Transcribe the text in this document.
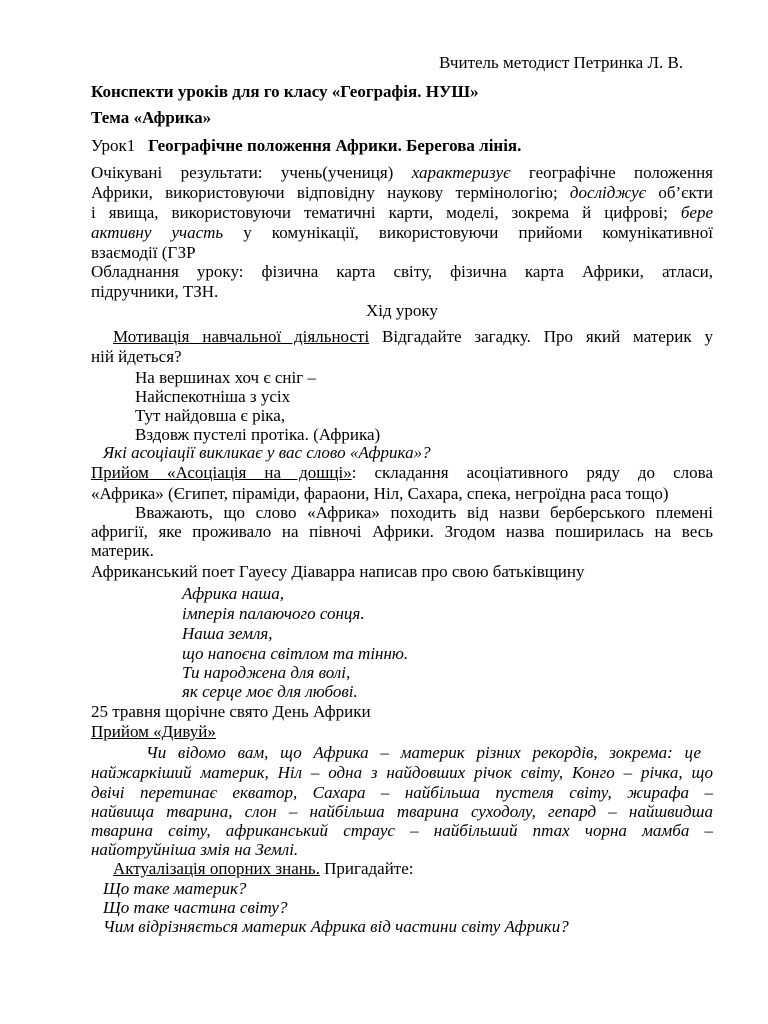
Вчитель методист Петринка Л. В.
Конспекти уроків для го класу «Географія. НУШ»
Тема «Африка»
Урок1 Географічне положення Африки. Берегова лінія.
Очікувані результати: учень(учениця) характеризує географічне положення
Африки, використовуючи відповідну наукову термінологію; досліджує об’єкти
і явища, використовуючи тематичні карти, моделі, зокрема й цифрові; бере
активну участь у комунікації, використовуючи прийоми комунікативної
взаємодії (ГЗР
Обладнання уроку: фізична карта світу, фізична карта Африки, атласи,
підручники, ТЗН.
Хід уроку
Мотивація навчальної діяльності Відгадайте загадку. Про який материк у
ній йдеться?
На вершинах хоч є сніг –
Найспекотніша з усіх
Тут найдовша є ріка,
Вздовж пустелі протіка. (Африка)
Які асоціації викликає у вас слово «Африка»?
Прийом «Асоціація на дошці»: складання асоціативного ряду до слова
«Африка» (Єгипет, піраміди, фараони, Ніл, Сахара, спека, негроїдна раса тощо)
Вважають, що слово «Африка» походить від назви берберського племені
афригії, яке проживало на півночі Африки. Згодом назва поширилась на весь
материк.
Африканський поет Гауесу Діаварра написав про свою батьківщину
Африка наша,
імперія палаючого сонця.
Наша земля,
що напоєна світлом та тінню.
Ти народжена для волі,
як серце моє для любові.
25 травня щорічне свято День Африки
Прийом «Дивуй»
Чи відомо вам, що Африка – материк різних рекордів, зокрема: це
найжаркіший материк, Ніл – одна з найдовших річок світу, Конго – річка, що
двічі перетинає екватор, Сахара – найбільша пустеля світу, жирафа –
найвища тварина, слон – найбільша тварина суходолу, гепард – найшвидша
тварина світу, африканський страус – найбільший птах чорна мамба –
найотруйніша змія на Землі.
Актуалізація опорних знань. Пригадайте:
Що таке материк?
Що таке частина світу?
Чим відрізняється материк Африка від частини світу Африки?
